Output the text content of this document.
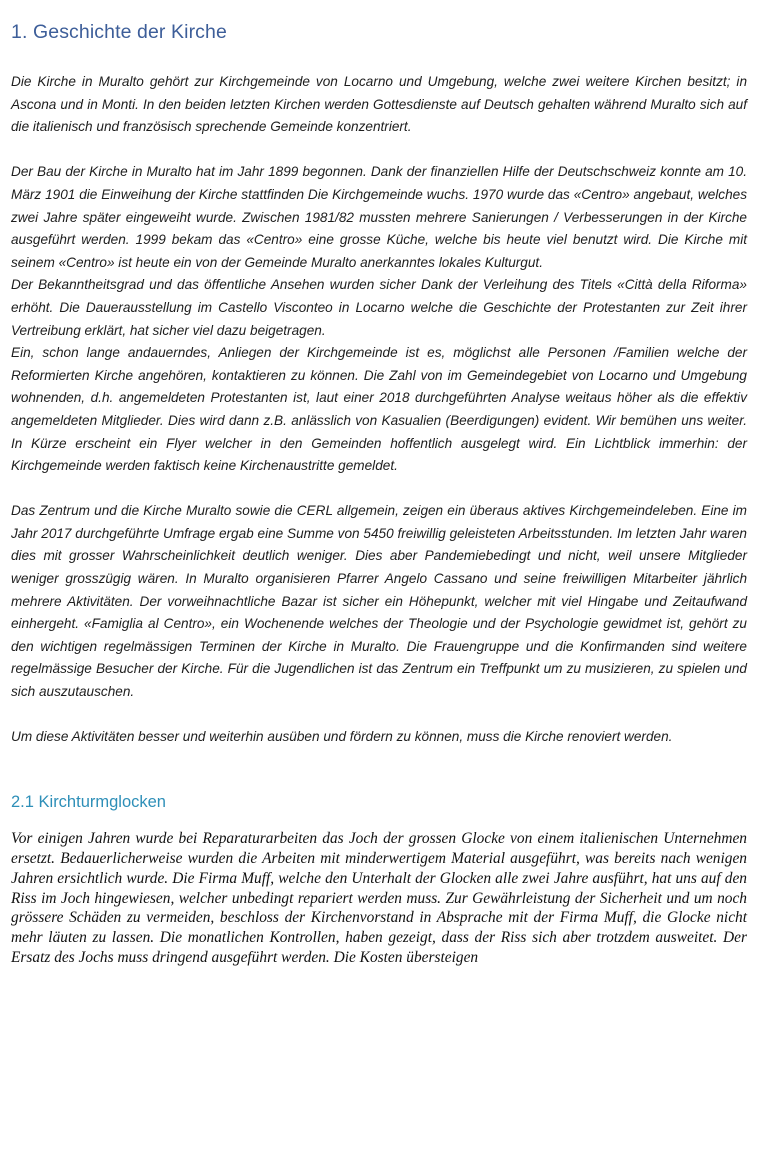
1. Geschichte der Kirche

Die Kirche in Muralto gehört zur Kirchgemeinde von Locarno und Umgebung, welche zwei weitere Kirchen besitzt; in Ascona und in Monti. In den beiden letzten Kirchen werden Gottesdienste auf Deutsch gehalten während Muralto sich auf die italienisch und französisch sprechende Gemeinde konzentriert.

Der Bau der Kirche in Muralto hat im Jahr 1899 begonnen. Dank der finanziellen Hilfe der Deutschschweiz konnte am 10. März 1901 die Einweihung der Kirche stattfinden Die Kirchgemeinde wuchs. 1970 wurde das «Centro» angebaut, welches zwei Jahre später eingeweiht wurde. Zwischen 1981/82 mussten mehrere Sanierungen / Verbesserungen in der Kirche ausgeführt werden. 1999 bekam das «Centro» eine grosse Küche, welche bis heute viel benutzt wird. Die Kirche mit seinem «Centro» ist heute ein von der Gemeinde Muralto anerkanntes lokales Kulturgut.

Der Bekanntheitsgrad und das öffentliche Ansehen wurden sicher Dank der Verleihung des Titels «Città della Riforma» erhöht. Die Dauerausstellung im Castello Visconteo in Locarno welche die Geschichte der Protestanten zur Zeit ihrer Vertreibung erklärt, hat sicher viel dazu beigetragen.

Ein, schon lange andauerndes, Anliegen der Kirchgemeinde ist es, möglichst alle Personen /Familien welche der Reformierten Kirche angehören, kontaktieren zu können. Die Zahl von im Gemeindegebiet von Locarno und Umgebung wohnenden, d.h. angemeldeten Protestanten ist, laut einer 2018 durchgeführten Analyse weitaus höher als die effektiv angemeldeten Mitglieder. Dies wird dann z.B. anlässlich von Kasualien (Beerdigungen) evident. Wir bemühen uns weiter. In Kürze erscheint ein Flyer welcher in den Gemeinden hoffentlich ausgelegt wird. Ein Lichtblick immerhin: der Kirchgemeinde werden faktisch keine Kirchenaustritte gemeldet.

Das Zentrum und die Kirche Muralto sowie die CERL allgemein, zeigen ein überaus aktives Kirchgemeindeleben. Eine im Jahr 2017 durchgeführte Umfrage ergab eine Summe von 5450 freiwillig geleisteten Arbeitsstunden. Im letzten Jahr waren dies mit grosser Wahrscheinlichkeit deutlich weniger. Dies aber Pandemiebedingt und nicht, weil unsere Mitglieder weniger grosszügig wären. In Muralto organisieren Pfarrer Angelo Cassano und seine freiwilligen Mitarbeiter jährlich mehrere Aktivitäten. Der vorweihnachtliche Bazar ist sicher ein Höhepunkt, welcher mit viel Hingabe und Zeitaufwand einhergeht. «Famiglia al Centro», ein Wochenende welches der Theologie und der Psychologie gewidmet ist, gehört zu den wichtigen regelmässigen Terminen der Kirche in Muralto. Die Frauengruppe und die Konfirmanden sind weitere regelmässige Besucher der Kirche. Für die Jugendlichen ist das Zentrum ein Treffpunkt um zu musizieren, zu spielen und sich auszutauschen.

Um diese Aktivitäten besser und weiterhin ausüben und fördern zu können, muss die Kirche renoviert werden.

2.1 Kirchturmglocken

Vor einigen Jahren wurde bei Reparaturarbeiten das Joch der grossen Glocke von einem italienischen Unternehmen ersetzt. Bedauerlicherweise wurden die Arbeiten mit minderwertigem Material ausgeführt, was bereits nach wenigen Jahren ersichtlich wurde. Die Firma Muff, welche den Unterhalt der Glocken alle zwei Jahre ausführt, hat uns auf den Riss im Joch hingewiesen, welcher unbedingt repariert werden muss. Zur Gewährleistung der Sicherheit und um noch grössere Schäden zu vermeiden, beschloss der Kirchenvorstand in Absprache mit der Firma Muff, die Glocke nicht mehr läuten zu lassen. Die monatlichen Kontrollen, haben gezeigt, dass der Riss sich aber trotzdem ausweitet. Der Ersatz des Jochs muss dringend ausgeführt werden. Die Kosten übersteigen
